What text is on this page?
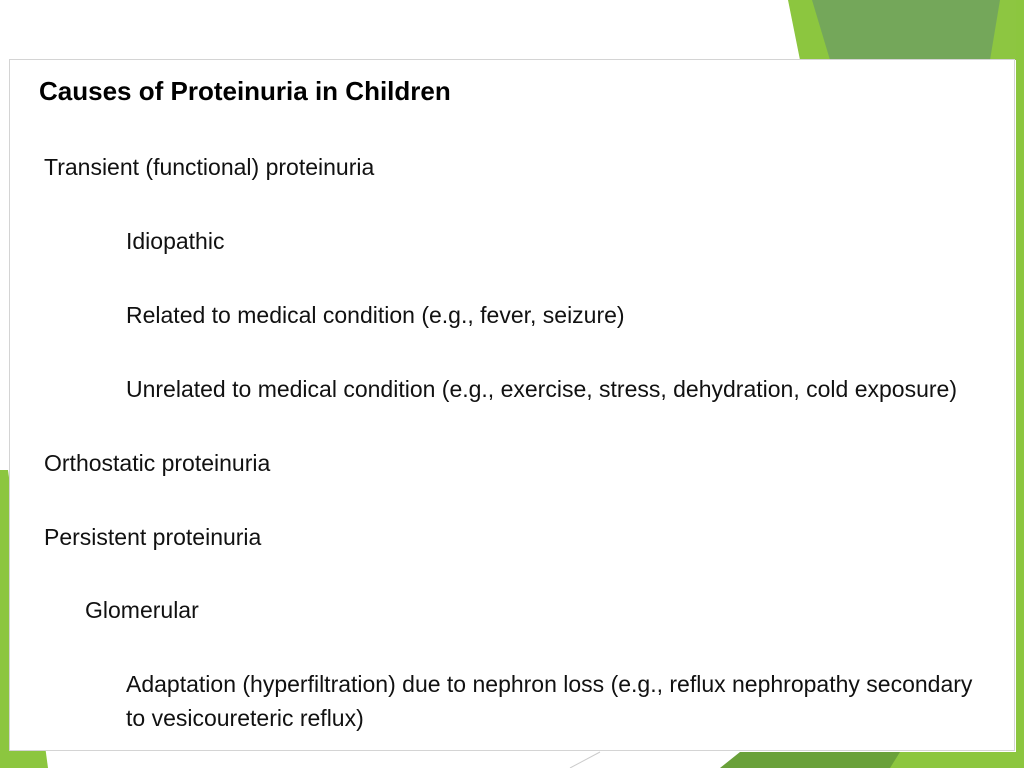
Causes of Proteinuria in Children

Transient (functional) proteinuria

Idiopathic

Related to medical condition (e.g., fever, seizure)

Unrelated to medical condition (e.g., exercise, stress, dehydration, cold exposure)

Orthostatic proteinuria

Persistent proteinuria

Glomerular

Adaptation (hyperfiltration) due to nephron loss (e.g., reflux nephropathy secondary to vesicoureteric reflux)
